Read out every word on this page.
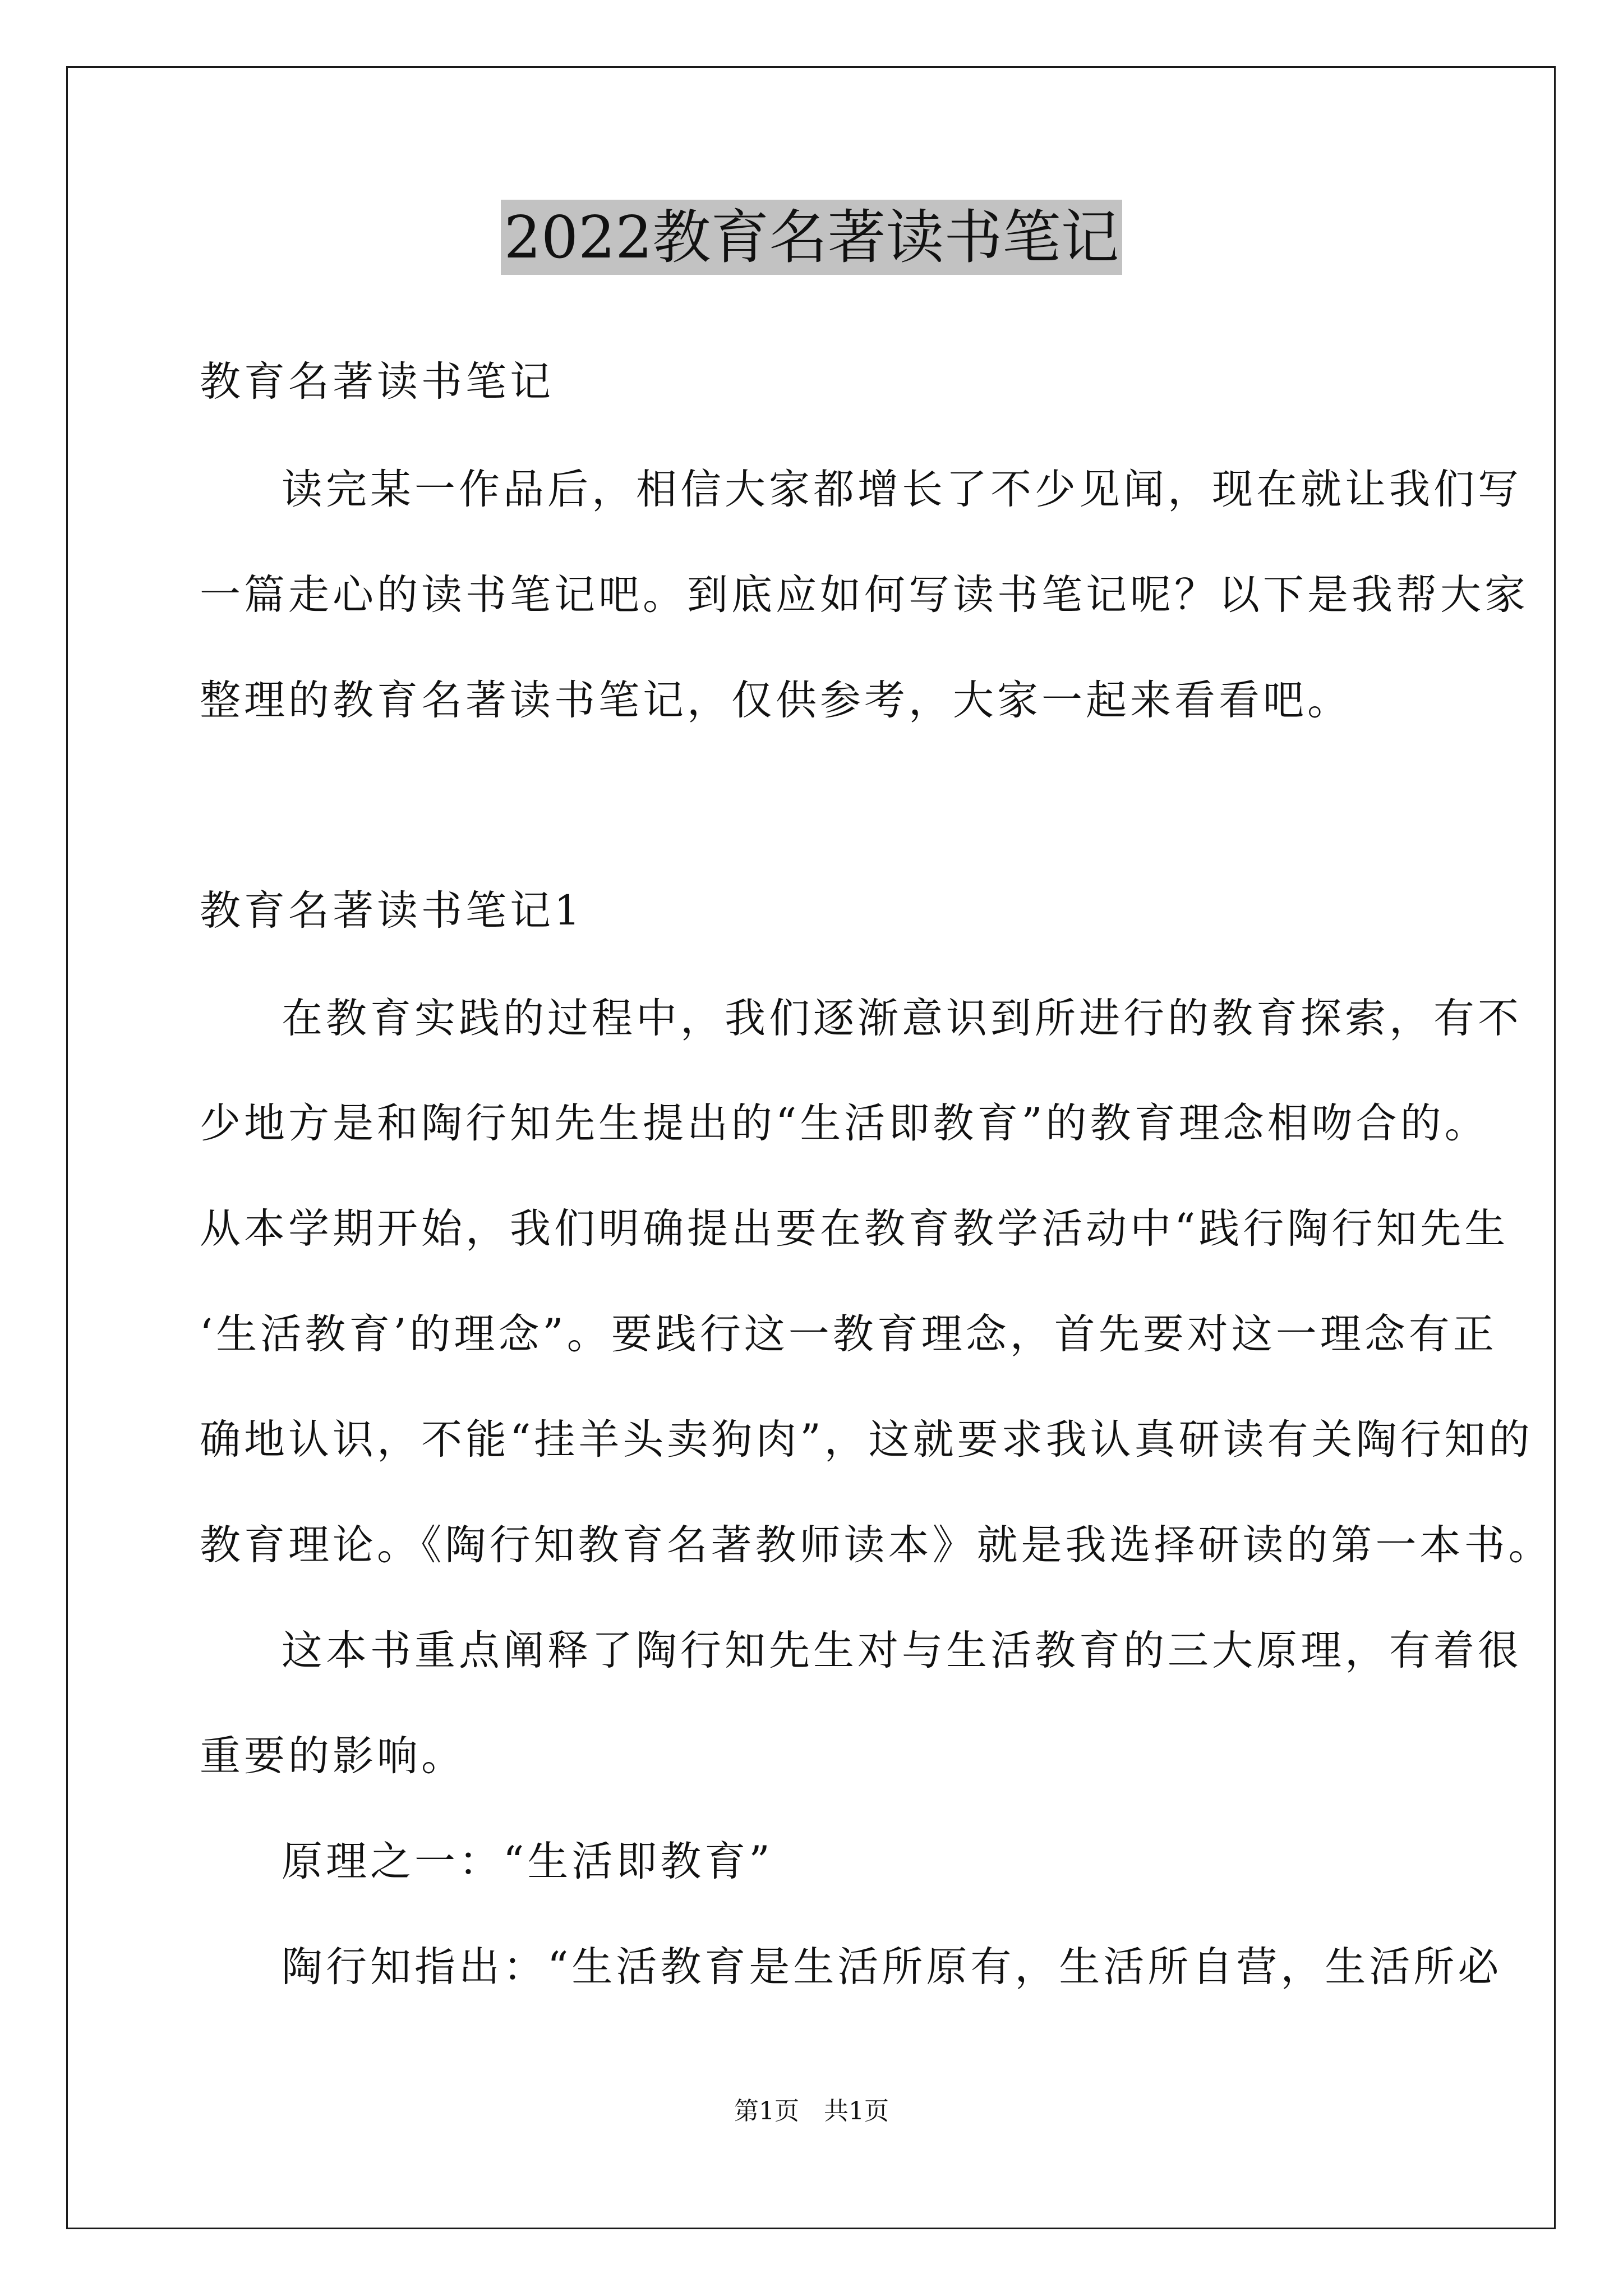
2022教育名著读书笔记
教育名著读书笔记
读完某一作品后，相信大家都增长了不少见闻，现在就让我们写
一篇走心的读书笔记吧。到底应如何写读书笔记呢？以下是我帮大家
整理的教育名著读书笔记，仅供参考，大家一起来看看吧。
教育名著读书笔记1
在教育实践的过程中，我们逐渐意识到所进行的教育探索，有不
少地方是和陶行知先生提出的“生活即教育”的教育理念相吻合的。
从本学期开始，我们明确提出要在教育教学活动中“践行陶行知先生
‘生活教育’的理念”。要践行这一教育理念，首先要对这一理念有正
确地认识，不能“挂羊头卖狗肉”，这就要求我认真研读有关陶行知的
教育理论。《陶行知教育名著教师读本》就是我选择研读的第一本书。
这本书重点阐释了陶行知先生对与生活教育的三大原理，有着很
重要的影响。
原理之一：“生活即教育”
陶行知指出：“生活教育是生活所原有，生活所自营，生活所必
第1页　共1页
